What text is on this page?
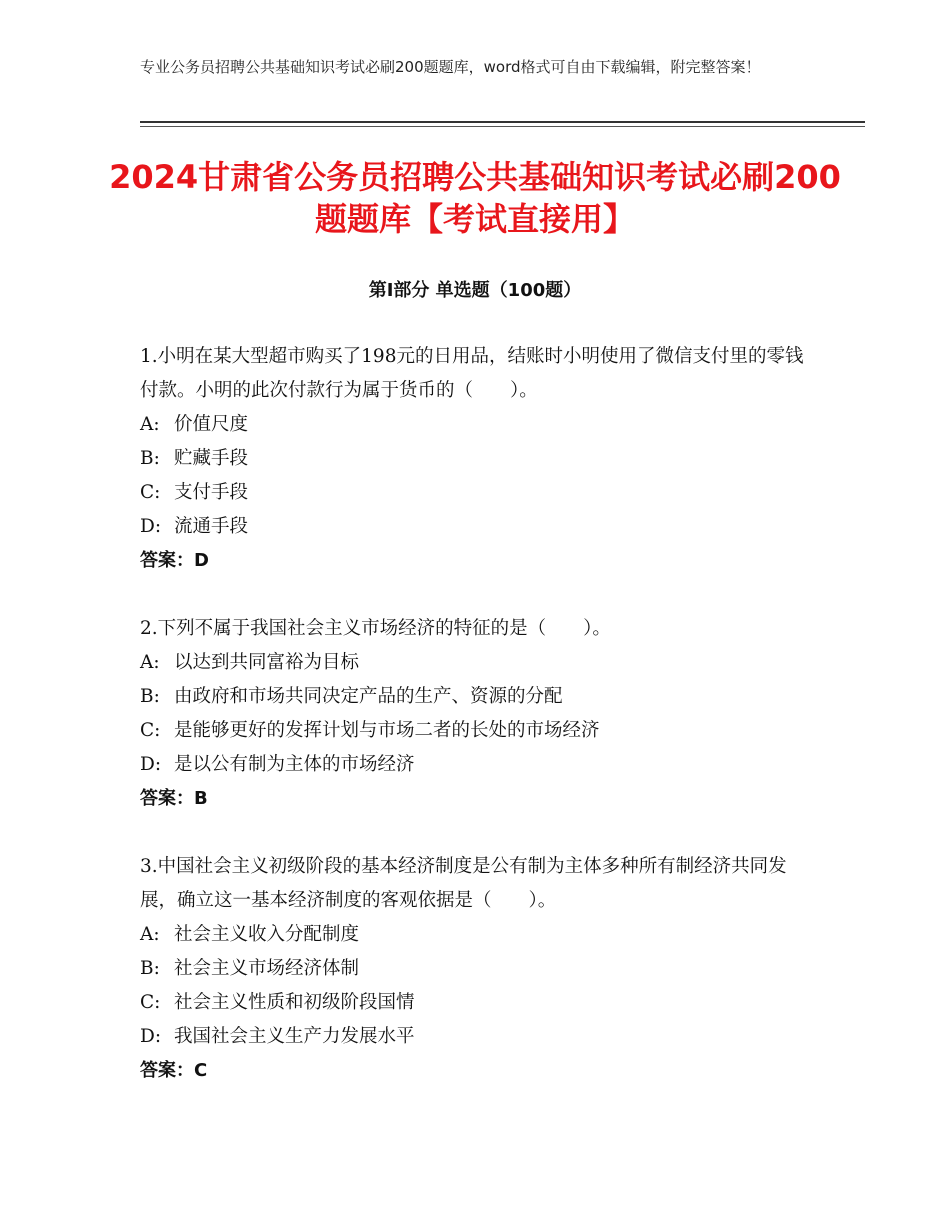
专业公务员招聘公共基础知识考试必刷200题题库，word格式可自由下载编辑，附完整答案！
2024甘肃省公务员招聘公共基础知识考试必刷200题题库【考试直接用】
第Ⅰ部分 单选题（100题）

1.小明在某大型超市购买了198元的日用品，结账时小明使用了微信支付里的零钱付款。小明的此次付款行为属于货币的（　　）。

A: 价值尺度

B: 贮藏手段

C: 支付手段

D: 流通手段

答案：D

2.下列不属于我国社会主义市场经济的特征的是（　　）。

A: 以达到共同富裕为目标

B: 由政府和市场共同决定产品的生产、资源的分配

C: 是能够更好的发挥计划与市场二者的长处的市场经济

D: 是以公有制为主体的市场经济

答案：B

3.中国社会主义初级阶段的基本经济制度是公有制为主体多种所有制经济共同发展，确立这一基本经济制度的客观依据是（　　）。

A: 社会主义收入分配制度

B: 社会主义市场经济体制

C: 社会主义性质和初级阶段国情

D: 我国社会主义生产力发展水平

答案：C
